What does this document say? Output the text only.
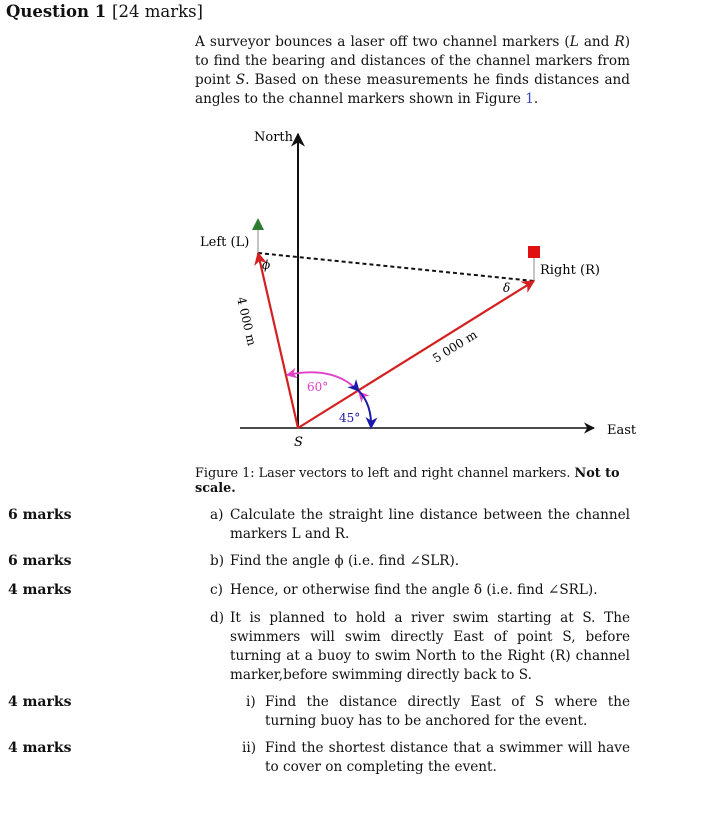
Question 1 [24 marks]
A surveyor bounces a laser off two channel markers (L and R) to find the bearing and distances of the channel markers from point S. Based on these measurements he finds distances and angles to the channel markers shown in Figure 1.
North
East
S
Left (L)
Right (R)
4 000 m	5 000 m
60°
45°
ϕ
δ
Figure 1: Laser vectors to left and right channel markers. Not to scale.
6 marks
6 marks
4 marks
4 marks
4 marks
a) Calculate the straight line distance between the channel markers L and R.
b) Find the angle ϕ (i.e. find ∠SLR).
c) Hence, or otherwise find the angle δ (i.e. find ∠SRL).
d) It is planned to hold a river swim starting at S. The swimmers will swim directly East of point S, before turning at a buoy to swim North to the Right (R) channel marker,before swimming directly back to S.
i) Find the distance directly East of S where the turning buoy has to be anchored for the event.
ii) Find the shortest distance that a swimmer will have to cover on completing the event.
